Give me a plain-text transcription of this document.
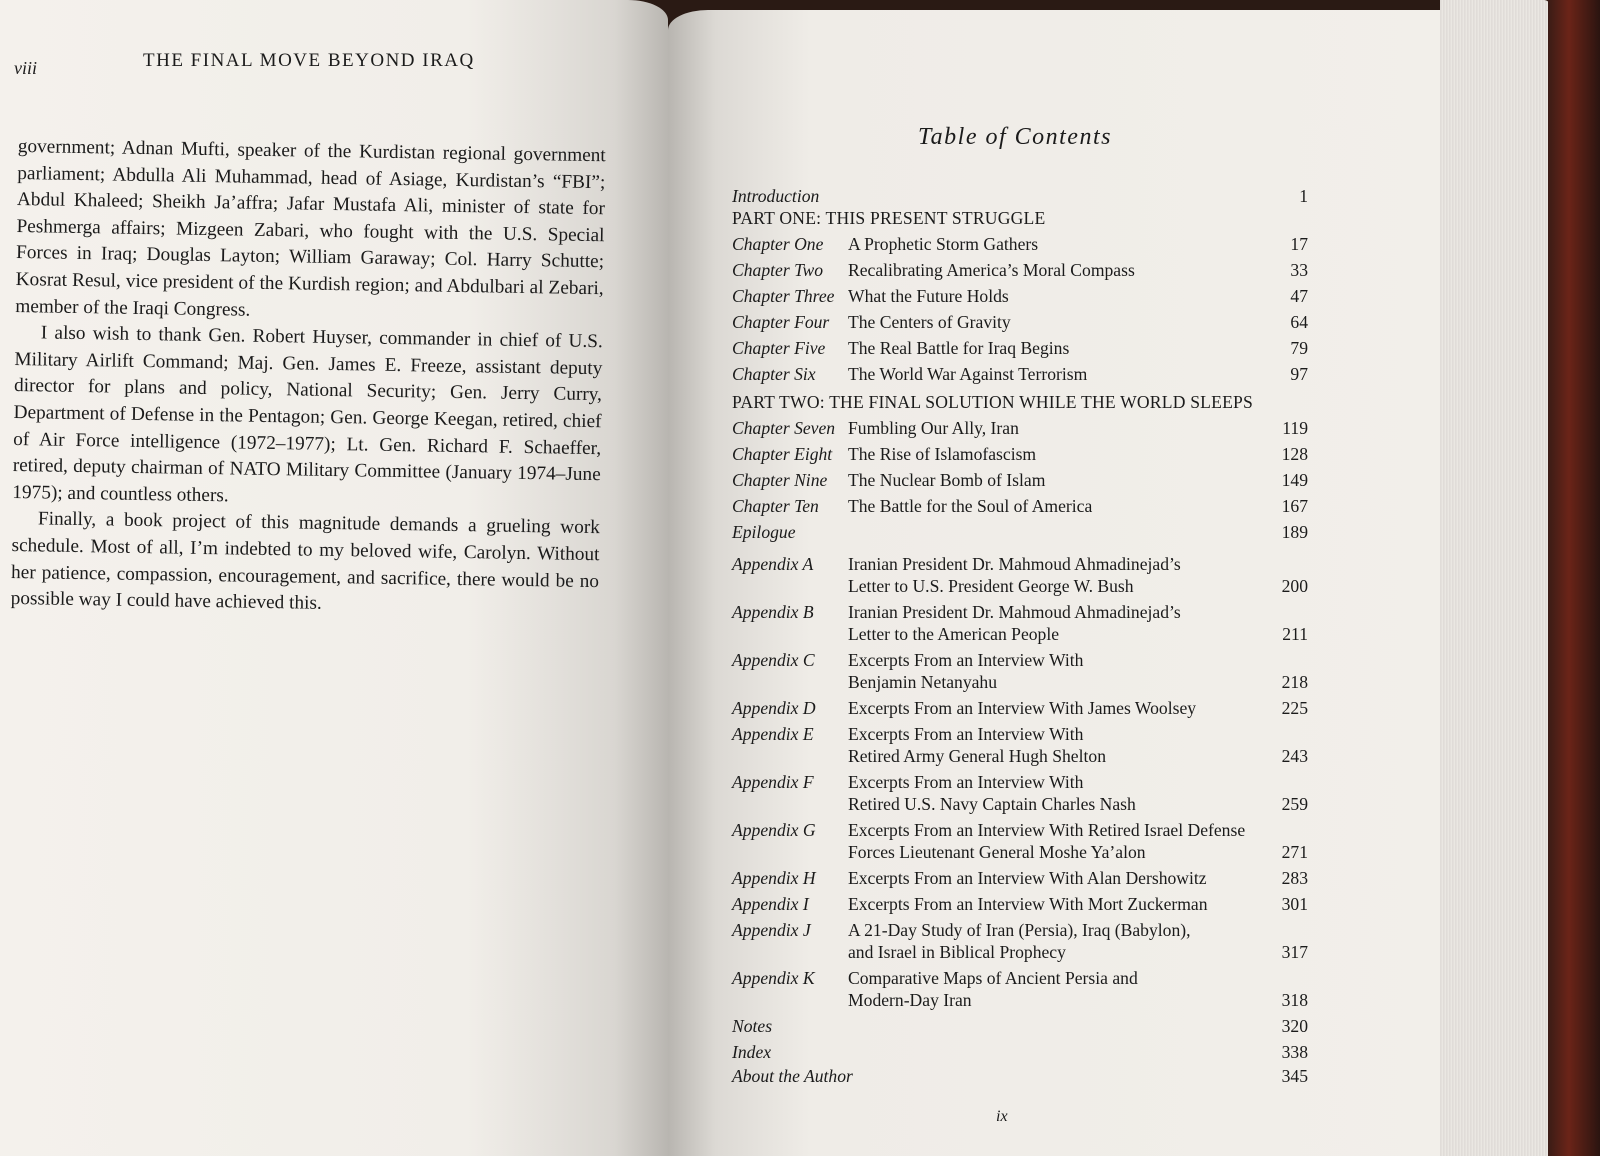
viii	THE FINAL MOVE BEYOND IRAQ

government; Adnan Mufti, speaker of the Kurdistan regional government parliament; Abdulla Ali Muhammad, head of Asiage, Kurdistan’s “FBI”; Abdul Khaleed; Sheikh Ja’affra; Jafar Mustafa Ali, minister of state for Peshmerga affairs; Mizgeen Zabari, who fought with the U.S. Special Forces in Iraq; Douglas Layton; William Garaway; Col. Harry Schutte; Kosrat Resul, vice president of the Kurdish region; and Abdulbari al Zebari, member of the Iraqi Congress.

I also wish to thank Gen. Robert Huyser, commander in chief of U.S. Military Airlift Command; Maj. Gen. James E. Freeze, assistant deputy director for plans and policy, National Security; Gen. Jerry Curry, Department of Defense in the Pentagon; Gen. George Keegan, retired, chief of Air Force intelligence (1972–1977); Lt. Gen. Richard F. Schaeffer, retired, deputy chairman of NATO Military Committee (January 1974–June 1975); and countless others.

Finally, a book project of this magnitude demands a grueling work schedule. Most of all, I’m indebted to my beloved wife, Carolyn. Without her patience, compassion, encouragement, and sacrifice, there would be no possible way I could have achieved this.

Table of Contents
Introduction	1
PART ONE: THIS PRESENT STRUGGLE
Chapter One A Prophetic Storm Gathers	17
Chapter Two Recalibrating America’s Moral Compass	33
Chapter Three What the Future Holds	47
Chapter Four The Centers of Gravity	64
Chapter Five The Real Battle for Iraq Begins	79
Chapter Six The World War Against Terrorism	97
PART TWO: THE FINAL SOLUTION WHILE THE WORLD SLEEPS
Chapter Seven Fumbling Our Ally, Iran	119
Chapter Eight The Rise of Islamofascism	128
Chapter Nine The Nuclear Bomb of Islam	149
Chapter Ten The Battle for the Soul of America	167
Epilogue	189
Appendix A Iranian President Dr. Mahmoud Ahmadinejad’s
Letter to U.S. President George W. Bush	200
Appendix B Iranian President Dr. Mahmoud Ahmadinejad’s
Letter to the American People	211
Appendix C Excerpts From an Interview With
Benjamin Netanyahu	218
Appendix D Excerpts From an Interview With James Woolsey	225
Appendix E Excerpts From an Interview With
Retired Army General Hugh Shelton	243
Appendix F Excerpts From an Interview With
Retired U.S. Navy Captain Charles Nash	259
Appendix G Excerpts From an Interview With Retired Israel Defense
Forces Lieutenant General Moshe Ya’alon	271
Appendix H Excerpts From an Interview With Alan Dershowitz	283
Appendix I Excerpts From an Interview With Mort Zuckerman	301
Appendix J A 21-Day Study of Iran (Persia), Iraq (Babylon),
and Israel in Biblical Prophecy	317
Appendix K Comparative Maps of Ancient Persia and
Modern-Day Iran	318
Notes	320
Index	338
About the Author	345
ix
